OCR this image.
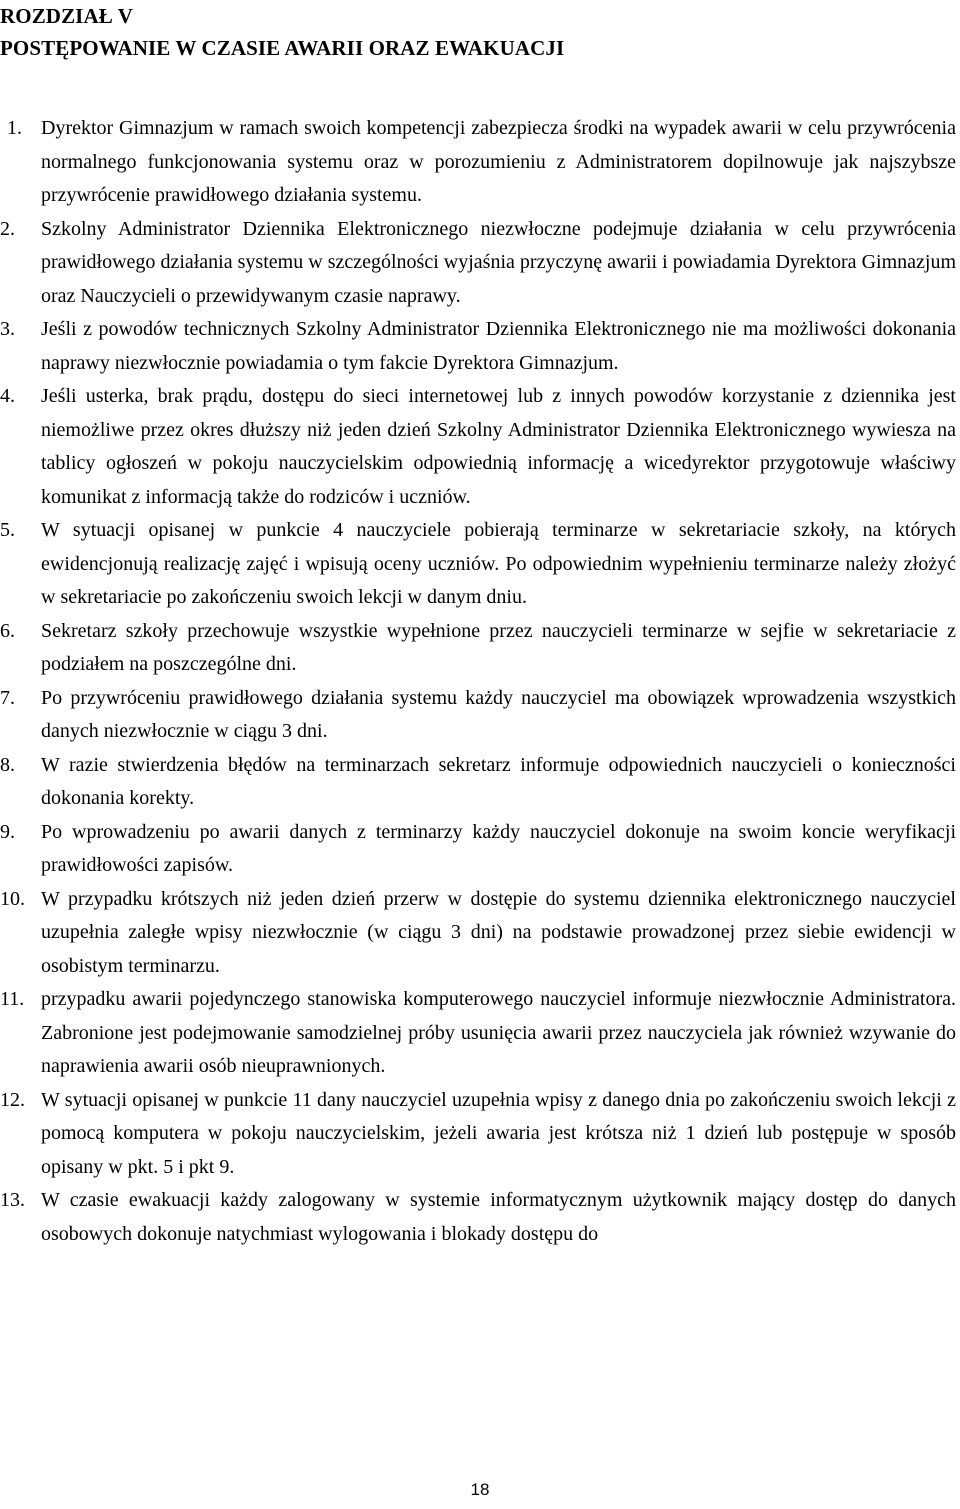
ROZDZIAŁ V
POSTĘPOWANIE W CZASIE AWARII ORAZ EWAKUACJI
1. Dyrektor Gimnazjum w ramach swoich kompetencji zabezpiecza środki na wypadek awarii w celu przywrócenia normalnego funkcjonowania systemu oraz w porozumieniu z Administratorem dopilnowuje jak najszybsze przywrócenie prawidłowego działania systemu.
2.	Szkolny Administrator Dziennika Elektronicznego niezwłoczne podejmuje działania w celu przywrócenia prawidłowego działania systemu w szczególności wyjaśnia przyczynę awarii i powiadamia Dyrektora Gimnazjum oraz Nauczycieli o przewidywanym czasie naprawy.
3.	Jeśli z powodów technicznych Szkolny Administrator Dziennika Elektronicznego nie ma możliwości dokonania naprawy niezwłocznie powiadamia o tym fakcie Dyrektora Gimnazjum.
4.	Jeśli usterka, brak prądu, dostępu do sieci internetowej lub z innych powodów korzystanie z dziennika jest niemożliwe przez okres dłuższy niż jeden dzień Szkolny Administrator Dziennika Elektronicznego wywiesza na tablicy ogłoszeń w pokoju nauczycielskim odpowiednią informację a wicedyrektor przygotowuje właściwy komunikat z informacją także do rodziców i uczniów.
5.	W sytuacji opisanej w punkcie 4 nauczyciele pobierają terminarze w sekretariacie szkoły, na których ewidencjonują realizację zajęć i wpisują oceny uczniów. Po odpowiednim wypełnieniu terminarze należy złożyć w sekretariacie po zakończeniu swoich lekcji w danym dniu.
6.	Sekretarz szkoły przechowuje wszystkie wypełnione przez nauczycieli terminarze w sejfie w sekretariacie z podziałem na poszczególne dni.
7.	Po przywróceniu prawidłowego działania systemu każdy nauczyciel ma obowiązek wprowadzenia wszystkich danych niezwłocznie w ciągu 3 dni.
8.	W razie stwierdzenia błędów na terminarzach sekretarz informuje odpowiednich nauczycieli o konieczności dokonania korekty.
9.	Po wprowadzeniu po awarii danych z terminarzy każdy nauczyciel dokonuje na swoim koncie weryfikacji prawidłowości zapisów.
10. W przypadku krótszych niż jeden dzień przerw w dostępie do systemu dziennika elektronicznego nauczyciel uzupełnia zaległe wpisy niezwłocznie (w ciągu 3 dni) na podstawie prowadzonej przez siebie ewidencji w osobistym terminarzu.
11. przypadku awarii pojedynczego stanowiska komputerowego nauczyciel informuje niezwłocznie Administratora. Zabronione jest podejmowanie samodzielnej próby usunięcia awarii przez nauczyciela jak również wzywanie do naprawienia awarii osób nieuprawnionych.
12. W sytuacji opisanej w punkcie 11 dany nauczyciel uzupełnia wpisy z danego dnia po zakończeniu swoich lekcji z pomocą komputera w pokoju nauczycielskim, jeżeli awaria jest krótsza niż 1 dzień lub postępuje w sposób opisany w pkt. 5 i pkt 9.
13. W czasie ewakuacji każdy zalogowany w systemie informatycznym użytkownik mający dostęp do danych osobowych dokonuje natychmiast wylogowania i blokady dostępu do
18
